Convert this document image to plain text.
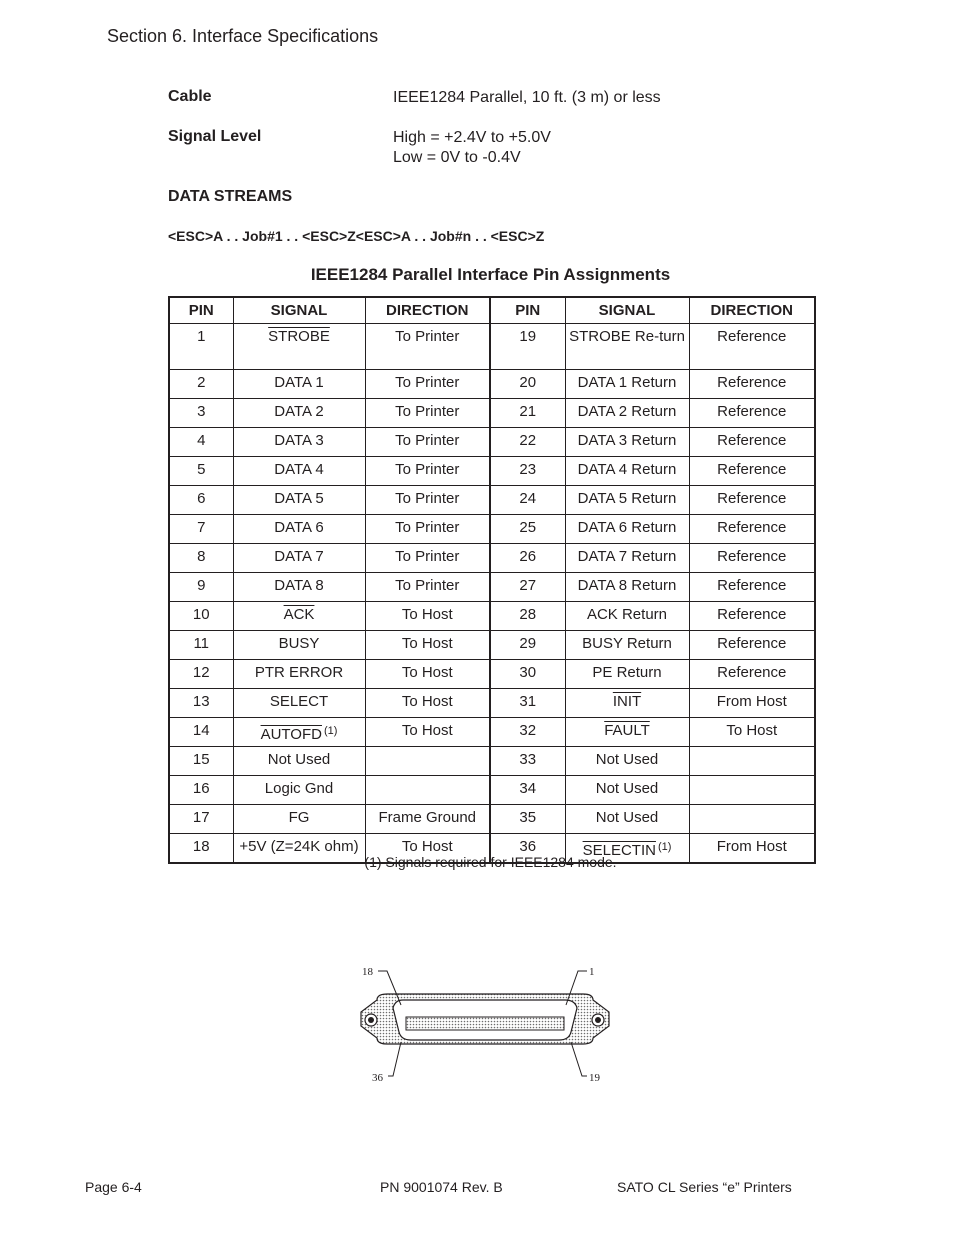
Section 6. Interface Specifications
Cable	IEEE1284 Parallel, 10 ft. (3 m) or less
Signal Level	High = +2.4V to +5.0V
Low = 0V to -0.4V
DATA STREAMS
<ESC>A . . Job#1 . . <ESC>Z<ESC>A . . Job#n . . <ESC>Z
IEEE1284 Parallel Interface Pin Assignments
PIN	SIGNAL	DIRECTION	PIN	SIGNAL	DIRECTION
1	STROBE	To Printer	19	STROBE Re-turn	Reference
2	DATA 1	To Printer	20	DATA 1 Return	Reference
3	DATA 2	To Printer	21	DATA 2 Return	Reference
4	DATA 3	To Printer	22	DATA 3 Return	Reference
5	DATA 4	To Printer	23	DATA 4 Return	Reference
6	DATA 5	To Printer	24	DATA 5 Return	Reference
7	DATA 6	To Printer	25	DATA 6 Return	Reference
8	DATA 7	To Printer	26	DATA 7 Return	Reference
9	DATA 8	To Printer	27	DATA 8 Return	Reference
10	$\overline{ACK}$	To Host	28	ACK Return	Reference
11	BUSY	To Host	29	BUSY Return	Reference
12	PTR ERROR	To Host	30	PE Return	Reference
13	SELECT	To Host	31	INIT	From Host
14	AUTOFD $^{(1)}$	To Host	32	FAULT	To Host
15	Not Used		33	Not Used	
16	Logic Gnd		34	Not Used	
17	FG	Frame Ground	35	Not Used	
18	+5V (Z=24K ohm)	To Host	36	SELECTIN $^{(1)}$	From Host
(1) Signals required for IEEE1284 mode.
18	1
36	19
Page 6-4	PN 9001074 Rev. B	SATO CL Series “e” Printers
